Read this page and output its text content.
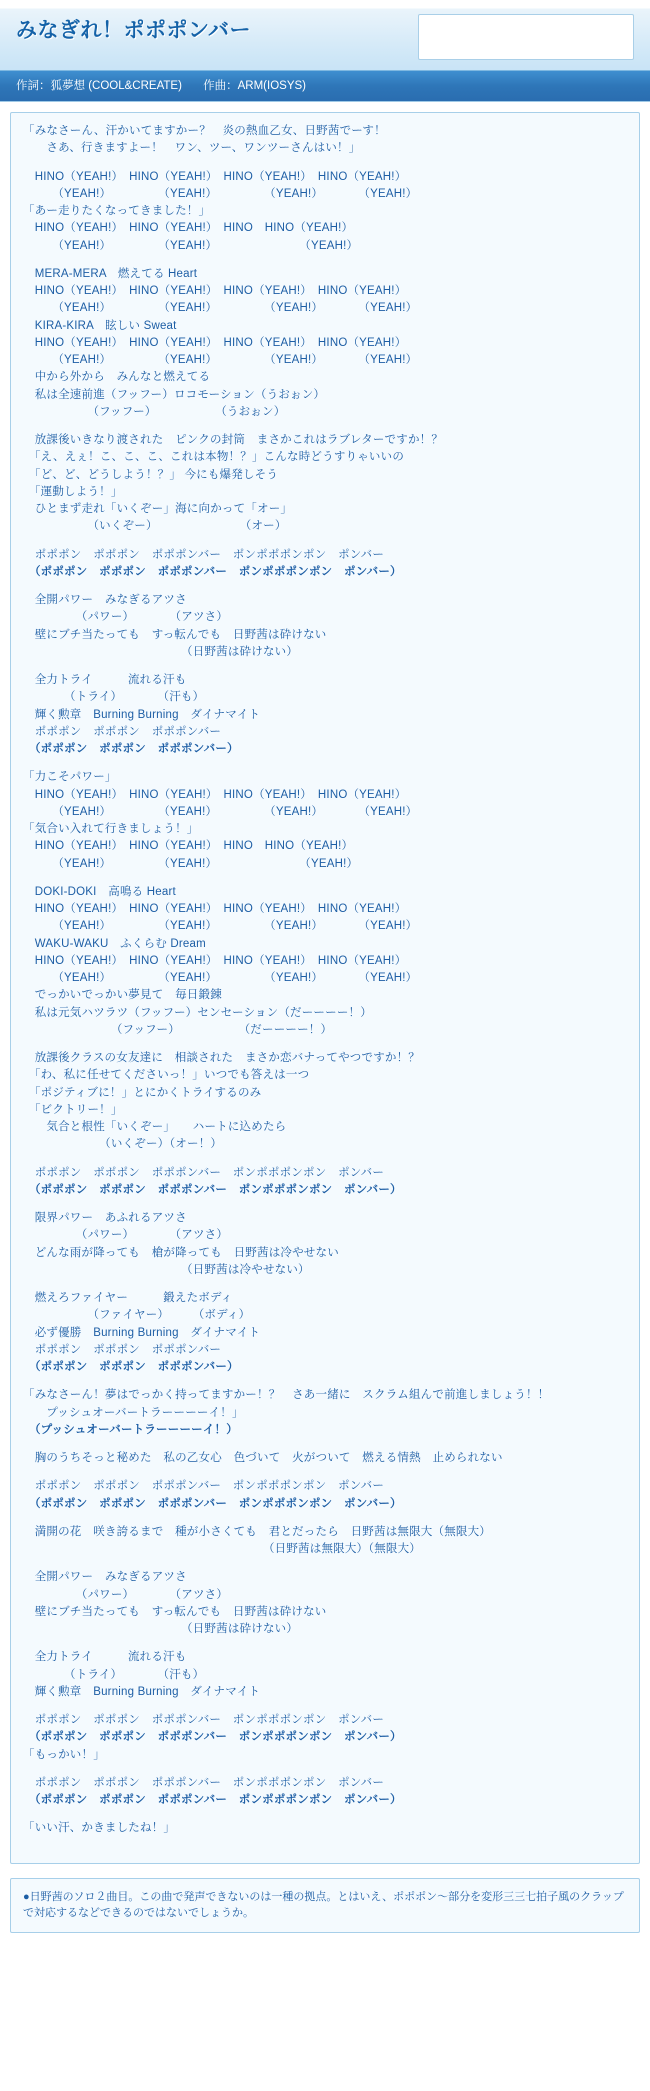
みなぎれ！ポポポンバー
作詞：狐夢想 (COOL&CREATE) 作曲：ARM(IOSYS)
「みなさーん、汗かいてますかー？　炎の熱血乙女、日野茜でーす！
　　さあ、行きますよー！　ワン、ツー、ワンツーさんはい！」
　HINO（YEAH!）　HINO（YEAH!）　HINO（YEAH!）　HINO（YEAH!）
　　　（YEAH!）　　　　　（YEAH!）　　　　　（YEAH!）　　　　（YEAH!）
「あー走りたくなってきました！」
　HINO（YEAH!）　HINO（YEAH!）　HINO　HINO（YEAH!）
　　　（YEAH!）　　　　　（YEAH!）　　　　　　　　（YEAH!）
　MERA-MERA　燃えてる Heart
　HINO（YEAH!）　HINO（YEAH!）　HINO（YEAH!）　HINO（YEAH!）
　　　（YEAH!）　　　　　（YEAH!）　　　　　（YEAH!）　　　　（YEAH!）
　KIRA-KIRA　眩しい Sweat
　HINO（YEAH!）　HINO（YEAH!）　HINO（YEAH!）　HINO（YEAH!）
　　　（YEAH!）　　　　　（YEAH!）　　　　　（YEAH!）　　　　（YEAH!）
　中から外から　みんなと燃えてる
　私は全速前進（フッフー）ロコモーション（うおぉン）
　　　　　　（フッフー）　　　　　　（うおぉン）
　放課後いきなり渡された　ピンクの封筒　まさかこれはラブレターですか！？
　「え、えぇ！こ、こ、こ、これは本物！？」こんな時どうすりゃいいの
　「ど、ど、どうしよう！？」 今にも爆発しそう
　「運動しよう！」
　ひとまず走れ「いくぞー」海に向かって「オー」
　　　　　　（いくぞー）　　　　　　　　（オー）
　ポポポン　ポポポン　ポポポンバー　ポンポポポンポン　ポンバー
　（ポポポン　ポポポン　ポポポンバー　ポンポポポンポン　ポンバー）
　全開パワー　みなぎるアツさ
　　　　　（パワー）　　　　（アツさ）
　壁にブチ当たっても　すっ転んでも　日野茜は砕けない
　　　　　　　　　　　　　　（日野茜は砕けない）
　全力トライ　　　流れる汗も
　　　　（トライ）　　　　（汗も）
　輝く勲章　Burning Burning　ダイナマイト
　ポポポン　ポポポン　ポポポンバー
　（ポポポン　ポポポン　ポポポンバー）
「力こそパワー」
　HINO（YEAH!）　HINO（YEAH!）　HINO（YEAH!）　HINO（YEAH!）
　　　（YEAH!）　　　　　（YEAH!）　　　　　（YEAH!）　　　　（YEAH!）
「気合い入れて行きましょう！」
　HINO（YEAH!）　HINO（YEAH!）　HINO　HINO（YEAH!）
　　　（YEAH!）　　　　　（YEAH!）　　　　　　　　（YEAH!）
　DOKI-DOKI　高鳴る Heart
　HINO（YEAH!）　HINO（YEAH!）　HINO（YEAH!）　HINO（YEAH!）
　　　（YEAH!）　　　　　（YEAH!）　　　　　（YEAH!）　　　　（YEAH!）
　WAKU-WAKU　ふくらむ Dream
　HINO（YEAH!）　HINO（YEAH!）　HINO（YEAH!）　HINO（YEAH!）
　　　（YEAH!）　　　　　（YEAH!）　　　　　（YEAH!）　　　　（YEAH!）
　でっかいでっかい夢見て　毎日鍛錬
　私は元気ハツラツ（フッフー）センセーション（だーーーー！）
　　　　　　　　（フッフー）　　　　　　（だーーーー！）
　放課後クラスの女友達に　相談された　まさか恋バナってやつですか！？
　「わ、私に任せてくださいっ！」いつでも答えは一つ
　「ポジティブに！」とにかくトライするのみ
　「ビクトリー！」
　　気合と根性「いくぞー」　　ハートに込めたら
　　　　　　　（いくぞー）（オー！）
　ポポポン　ポポポン　ポポポンバー　ポンポポポンポン　ポンバー
　（ポポポン　ポポポン　ポポポンバー　ポンポポポンポン　ポンバー）
　限界パワー　あふれるアツさ
　　　　　（パワー）　　　　（アツさ）
　どんな雨が降っても　槍が降っても　日野茜は冷やせない
　　　　　　　　　　　　　　（日野茜は冷やせない）
　燃えろファイヤー　　　鍛えたボディ
　　　　　　（ファイヤー）　　　（ボディ）
　必ず優勝　Burning Burning　ダイナマイト
　ポポポン　ポポポン　ポポポンバー
　（ポポポン　ポポポン　ポポポンバー）
「みなさーん！夢はでっかく持ってますかー！？　さあ一緒に　スクラム組んで前進しましょう！！
　　プッシュオーバートラーーーーイ！」
　（プッシュオーバートラーーーーイ！）
　胸のうちそっと秘めた　私の乙女心　色づいて　火がついて　燃える情熱　止められない
　ポポポン　ポポポン　ポポポンバー　ポンポポポンポン　ポンバー
　（ポポポン　ポポポン　ポポポンバー　ポンポポポンポン　ポンバー）
　満開の花　咲き誇るまで　種が小さくても　君とだったら　日野茜は無限大（無限大）
　　　　　　　　　　　　　　　　　　　　　（日野茜は無限大）（無限大）
　全開パワー　みなぎるアツさ
　　　　　（パワー）　　　　（アツさ）
　壁にブチ当たっても　すっ転んでも　日野茜は砕けない
　　　　　　　　　　　　　　（日野茜は砕けない）
　全力トライ　　　流れる汗も
　　　　（トライ）　　　　（汗も）
　輝く勲章　Burning Burning　ダイナマイト
　ポポポン　ポポポン　ポポポンバー　ポンポポポンポン　ポンバー
　（ポポポン　ポポポン　ポポポンバー　ポンポポポンポン　ポンバー）
「もっかい！」
　ポポポン　ポポポン　ポポポンバー　ポンポポポンポン　ポンバー
　（ポポポン　ポポポン　ポポポンバー　ポンポポポンポン　ポンバー）
「いい汗、かきましたね！」
●日野茜のソロ２曲目。この曲で発声できないのは一種の拠点。とはいえ、ポポポン〜部分を変形三三七拍子風のクラップで対応するなどできるのではないでしょうか。
